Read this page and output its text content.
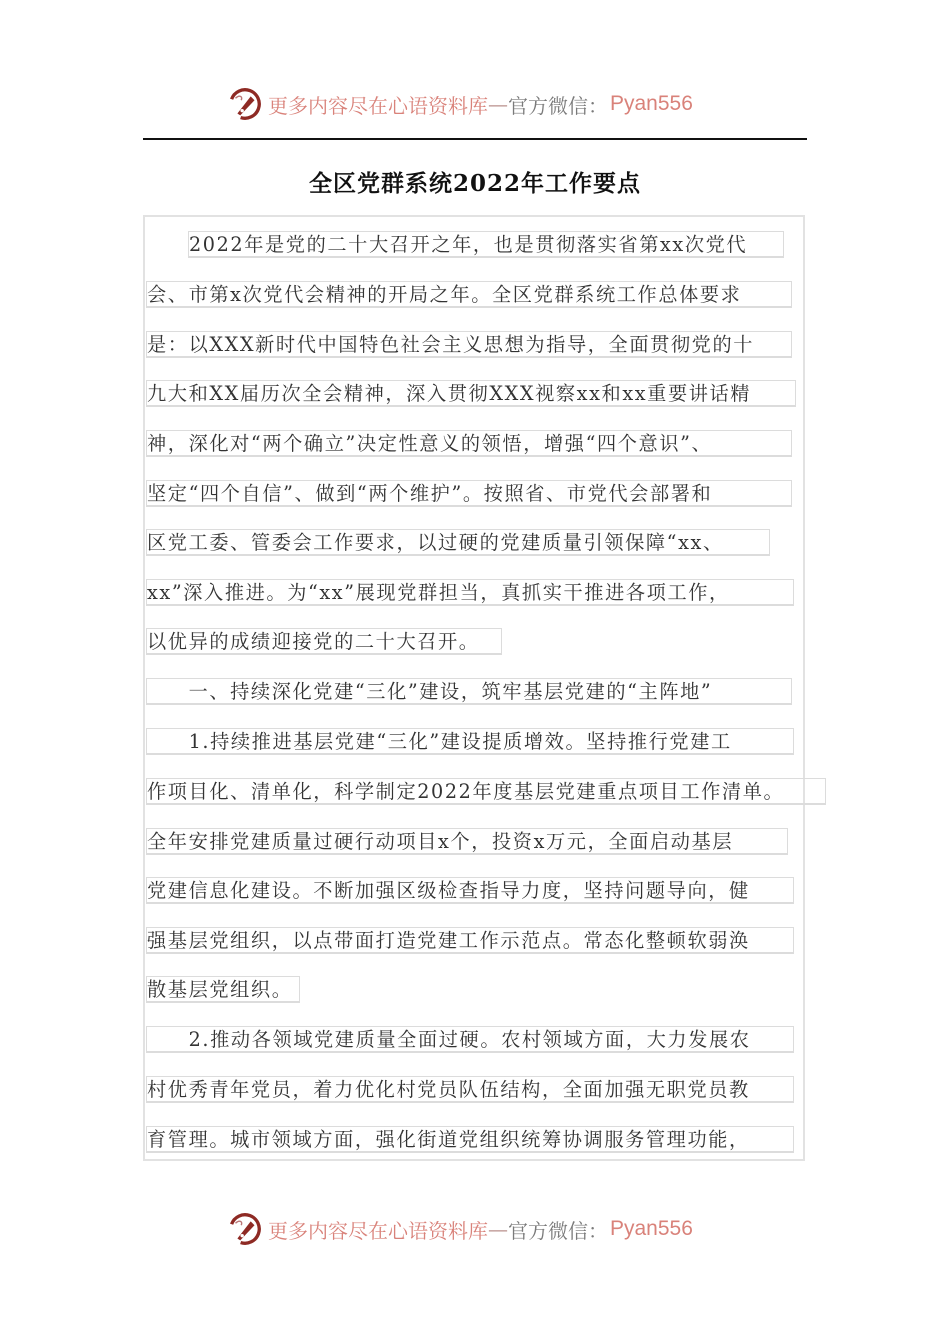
更多内容尽在心语资料库 — 官方微信： Pyan556
全区党群系统2022年工作要点
2022年是党的二十大召开之年，也是贯彻落实省第xx次党代
会、市第x次党代会精神的开局之年。全区党群系统工作总体要求
是：以XXX新时代中国特色社会主义思想为指导，全面贯彻党的十
九大和XX届历次全会精神，深入贯彻XXX视察xx和xx重要讲话精
神，深化对“两个确立”决定性意义的领悟，增强“四个意识”、
坚定“四个自信”、做到“两个维护”。按照省、市党代会部署和
区党工委、管委会工作要求，以过硬的党建质量引领保障“xx、
xx”深入推进。为“xx”展现党群担当，真抓实干推进各项工作，
以优异的成绩迎接党的二十大召开。
　　一、持续深化党建“三化”建设，筑牢基层党建的“主阵地”
　　1.持续推进基层党建“三化”建设提质增效。坚持推行党建工
作项目化、清单化，科学制定2022年度基层党建重点项目工作清单。
全年安排党建质量过硬行动项目x个，投资x万元，全面启动基层
党建信息化建设。不断加强区级检查指导力度，坚持问题导向，健
强基层党组织，以点带面打造党建工作示范点。常态化整顿软弱涣
散基层党组织。
　　2.推动各领域党建质量全面过硬。农村领域方面，大力发展农
村优秀青年党员，着力优化村党员队伍结构，全面加强无职党员教
育管理。城市领域方面，强化街道党组织统筹协调服务管理功能，
更多内容尽在心语资料库 — 官方微信： Pyan556
